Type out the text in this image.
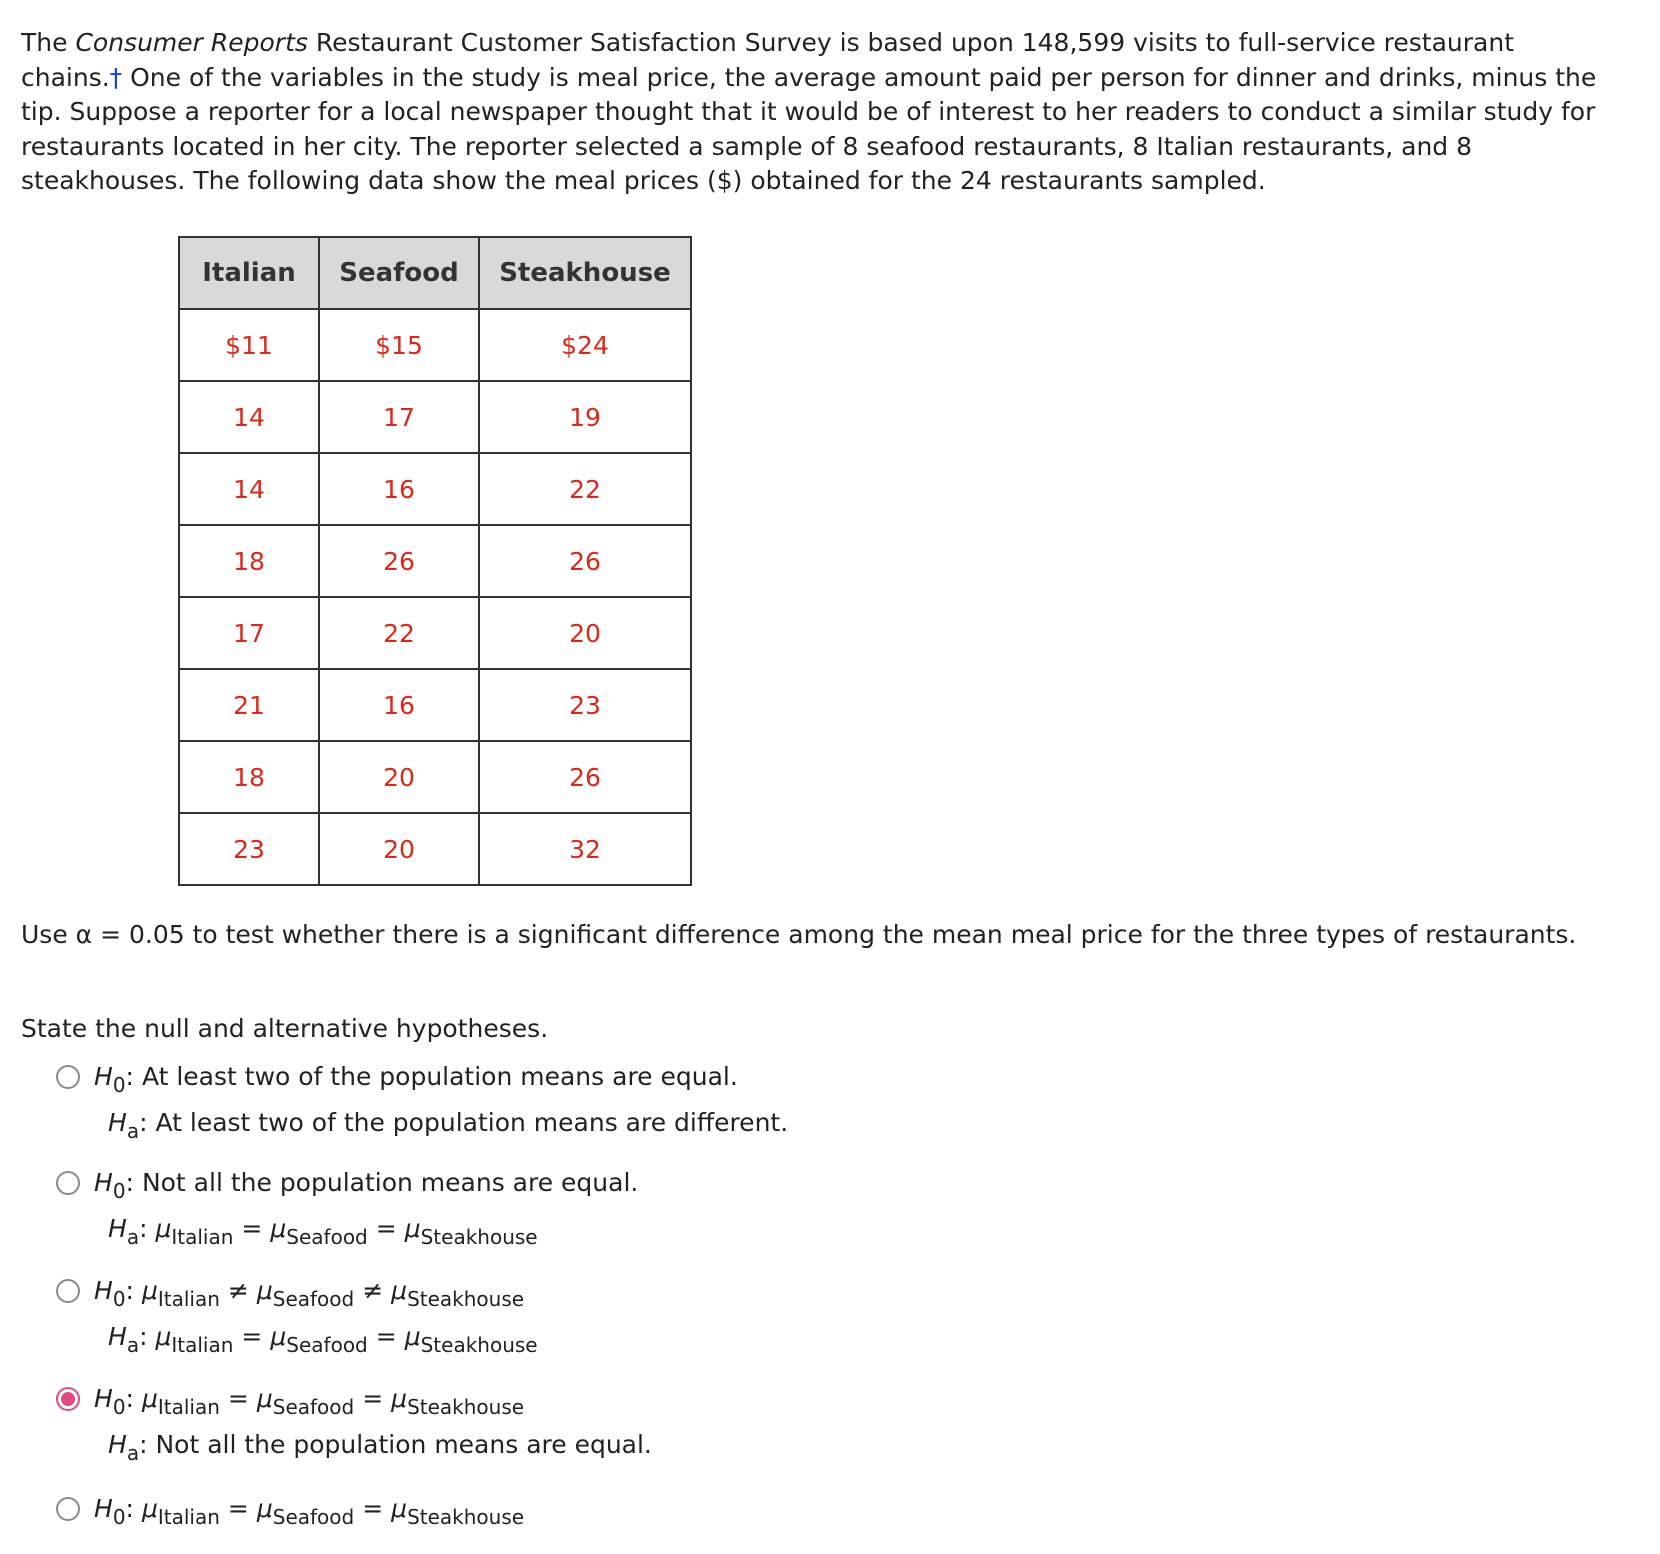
The Consumer Reports Restaurant Customer Satisfaction Survey is based upon 148,599 visits to full-service restaurant chains.† One of the variables in the study is meal price, the average amount paid per person for dinner and drinks, minus the tip. Suppose a reporter for a local newspaper thought that it would be of interest to her readers to conduct a similar study for restaurants located in her city. The reporter selected a sample of 8 seafood restaurants, 8 Italian restaurants, and 8 steakhouses. The following data show the meal prices ($) obtained for the 24 restaurants sampled.

Italian	Seafood	Steakhouse
$11	$15	$24
14	17	19
14	16	22
18	26	26
17	22	20
21	16	23
18	20	26
23	20	32

Use α = 0.05 to test whether there is a significant difference among the mean meal price for the three types of restaurants.

State the null and alternative hypotheses.

$H_0$: At least two of the population means are equal.
$H_a$: At least two of the population means are different.
$H_0$: Not all the population means are equal.
$H_a$: $\mu_{Italian} = \mu_{Seafood} = \mu_{Steakhouse}$
$H_0$: $\mu_{Italian} \ne \mu_{Seafood} \ne \mu_{Steakhouse}$
$H_a$: $\mu_{Italian} = \mu_{Seafood} = \mu_{Steakhouse}$
$H_0$: $\mu_{Italian} = \mu_{Seafood} = \mu_{Steakhouse}$
$H_a$: Not all the population means are equal.
$H_0$: $\mu_{Italian} = \mu_{Seafood} = \mu_{Steakhouse}$
